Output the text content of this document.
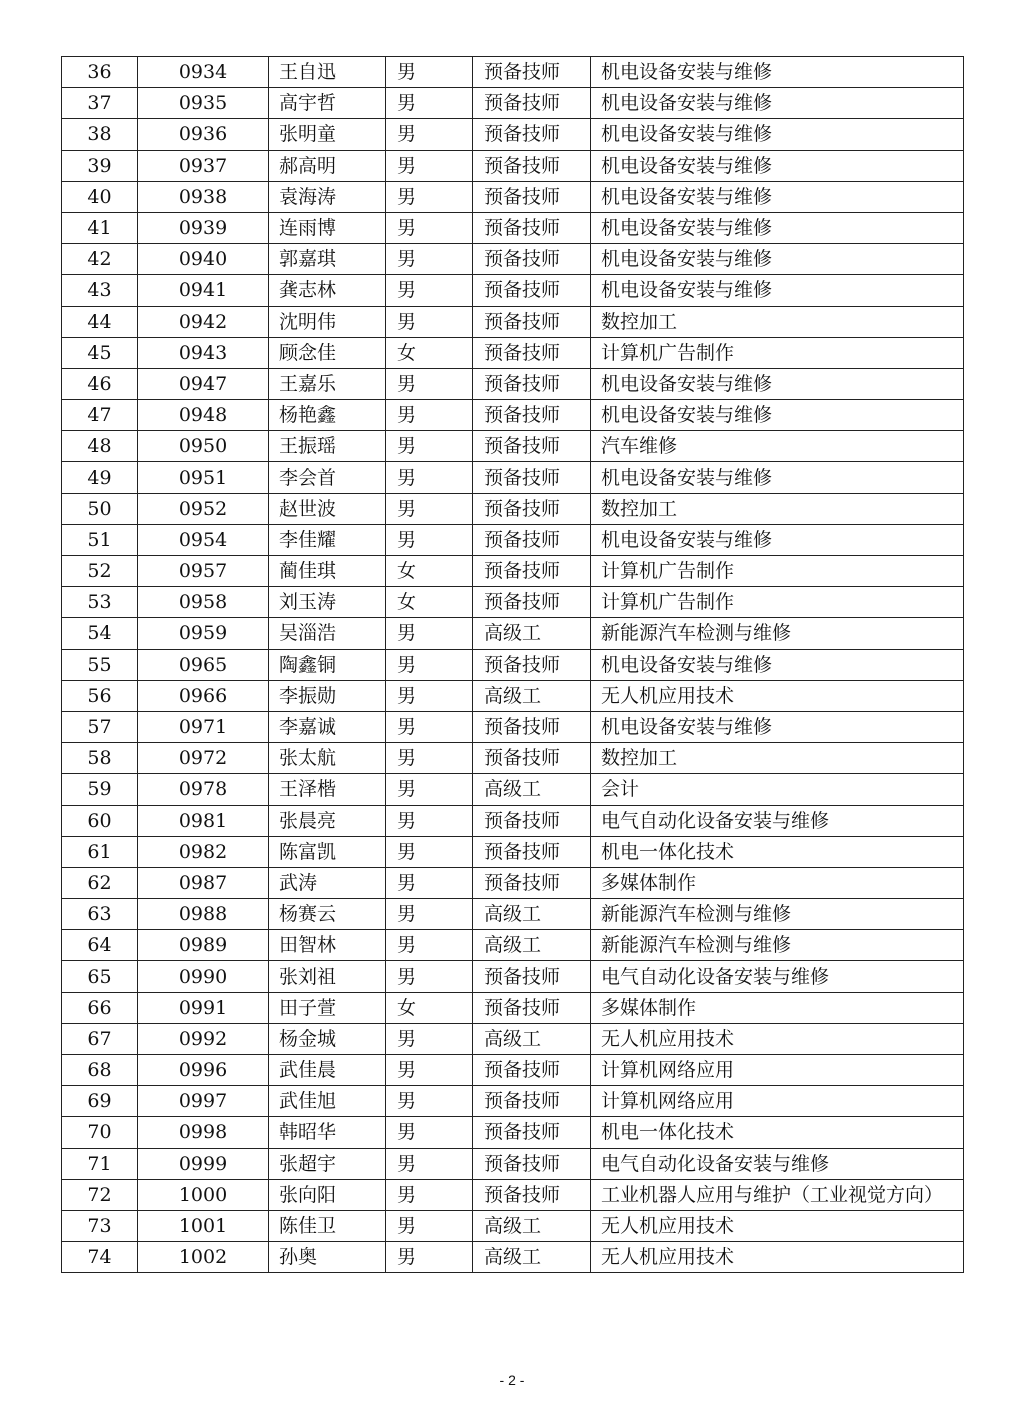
36	0934	王自迅	男	预备技师	机电设备安装与维修
37	0935	高宇哲	男	预备技师	机电设备安装与维修
38	0936	张明童	男	预备技师	机电设备安装与维修
39	0937	郝高明	男	预备技师	机电设备安装与维修
40	0938	袁海涛	男	预备技师	机电设备安装与维修
41	0939	连雨博	男	预备技师	机电设备安装与维修
42	0940	郭嘉琪	男	预备技师	机电设备安装与维修
43	0941	龚志林	男	预备技师	机电设备安装与维修
44	0942	沈明伟	男	预备技师	数控加工
45	0943	顾念佳	女	预备技师	计算机广告制作
46	0947	王嘉乐	男	预备技师	机电设备安装与维修
47	0948	杨艳鑫	男	预备技师	机电设备安装与维修
48	0950	王振瑶	男	预备技师	汽车维修
49	0951	李会首	男	预备技师	机电设备安装与维修
50	0952	赵世波	男	预备技师	数控加工
51	0954	李佳耀	男	预备技师	机电设备安装与维修
52	0957	蔺佳琪	女	预备技师	计算机广告制作
53	0958	刘玉涛	女	预备技师	计算机广告制作
54	0959	吴淄浩	男	高级工	新能源汽车检测与维修
55	0965	陶鑫铜	男	预备技师	机电设备安装与维修
56	0966	李振勋	男	高级工	无人机应用技术
57	0971	李嘉诚	男	预备技师	机电设备安装与维修
58	0972	张太航	男	预备技师	数控加工
59	0978	王泽楷	男	高级工	会计
60	0981	张晨亮	男	预备技师	电气自动化设备安装与维修
61	0982	陈富凯	男	预备技师	机电一体化技术
62	0987	武涛	男	预备技师	多媒体制作
63	0988	杨赛云	男	高级工	新能源汽车检测与维修
64	0989	田智林	男	高级工	新能源汽车检测与维修
65	0990	张刘祖	男	预备技师	电气自动化设备安装与维修
66	0991	田子萱	女	预备技师	多媒体制作
67	0992	杨金城	男	高级工	无人机应用技术
68	0996	武佳晨	男	预备技师	计算机网络应用
69	0997	武佳旭	男	预备技师	计算机网络应用
70	0998	韩昭华	男	预备技师	机电一体化技术
71	0999	张超宇	男	预备技师	电气自动化设备安装与维修
72	1000	张向阳	男	预备技师	工业机器人应用与维护（工业视觉方向）
73	1001	陈佳卫	男	高级工	无人机应用技术
74	1002	孙奥	男	高级工	无人机应用技术
- 2 -
